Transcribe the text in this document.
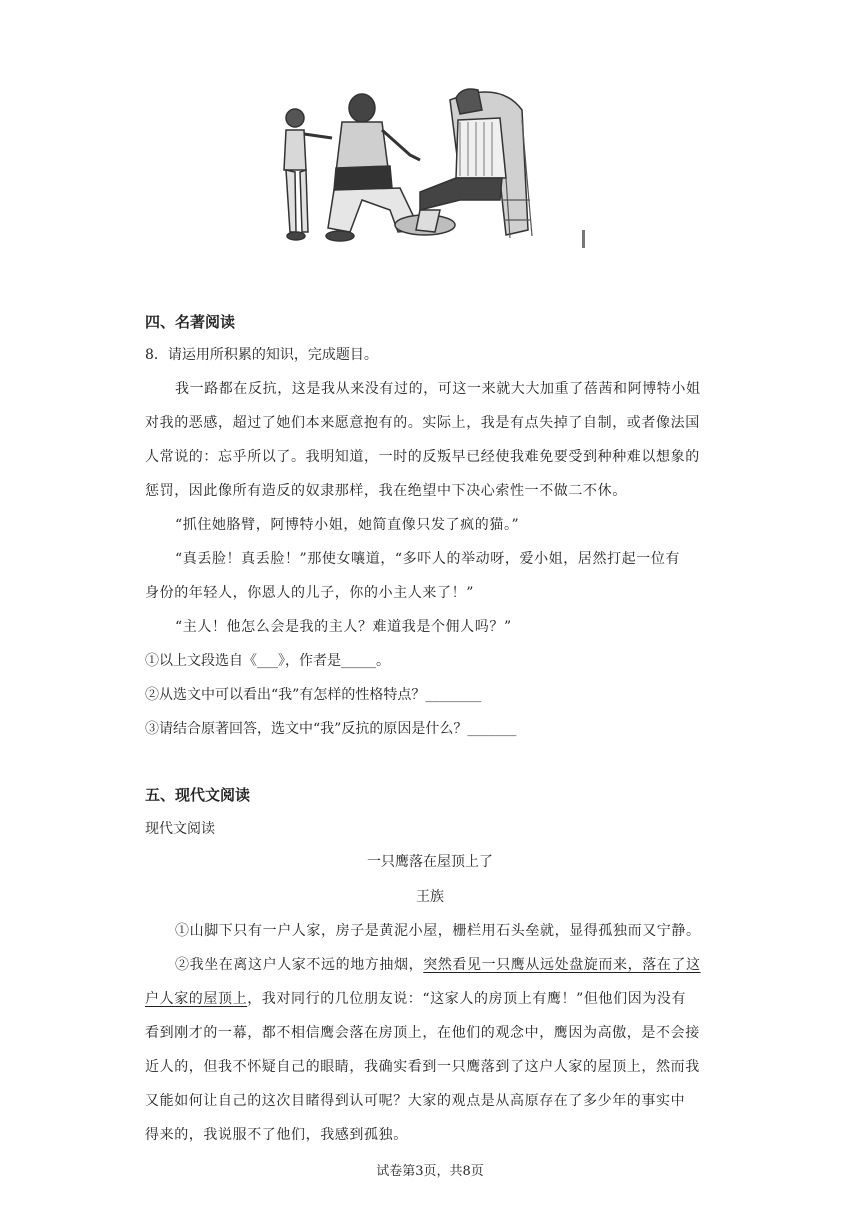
四、名著阅读
8．请运用所积累的知识，完成题目。
我一路都在反抗，这是我从来没有过的，可这一来就大大加重了蓓茜和阿博特小姐
对我的恶感，超过了她们本来愿意抱有的。实际上，我是有点失掉了自制，或者像法国
人常说的：忘乎所以了。我明知道，一时的反叛早已经使我难免要受到种种难以想象的
惩罚，因此像所有造反的奴隶那样，我在绝望中下决心索性一不做二不休。
“抓住她胳臂，阿博特小姐，她简直像只发了疯的猫。”
“真丢脸！真丢脸！”那使女嚷道，“多吓人的举动呀，爱小姐，居然打起一位有
身份的年轻人，你恩人的儿子，你的小主人来了！”
“主人！他怎么会是我的主人？难道我是个佣人吗？”
①以上文段选自《___》，作者是_____。
②从选文中可以看出“我”有怎样的性格特点？________
③请结合原著回答，选文中“我”反抗的原因是什么？_______
五、现代文阅读
现代文阅读
一只鹰落在屋顶上了
王族
①山脚下只有一户人家，房子是黄泥小屋，栅栏用石头垒就，显得孤独而又宁静。
②我坐在离这户人家不远的地方抽烟，突然看见一只鹰从远处盘旋而来，落在了这
户人家的屋顶上，我对同行的几位朋友说：“这家人的房顶上有鹰！”但他们因为没有
看到刚才的一幕，都不相信鹰会落在房顶上，在他们的观念中，鹰因为高傲，是不会接
近人的，但我不怀疑自己的眼睛，我确实看到一只鹰落到了这户人家的屋顶上，然而我
又能如何让自己的这次目睹得到认可呢？大家的观点是从高原存在了多少年的事实中
得来的，我说服不了他们，我感到孤独。
试卷第3页，共8页
